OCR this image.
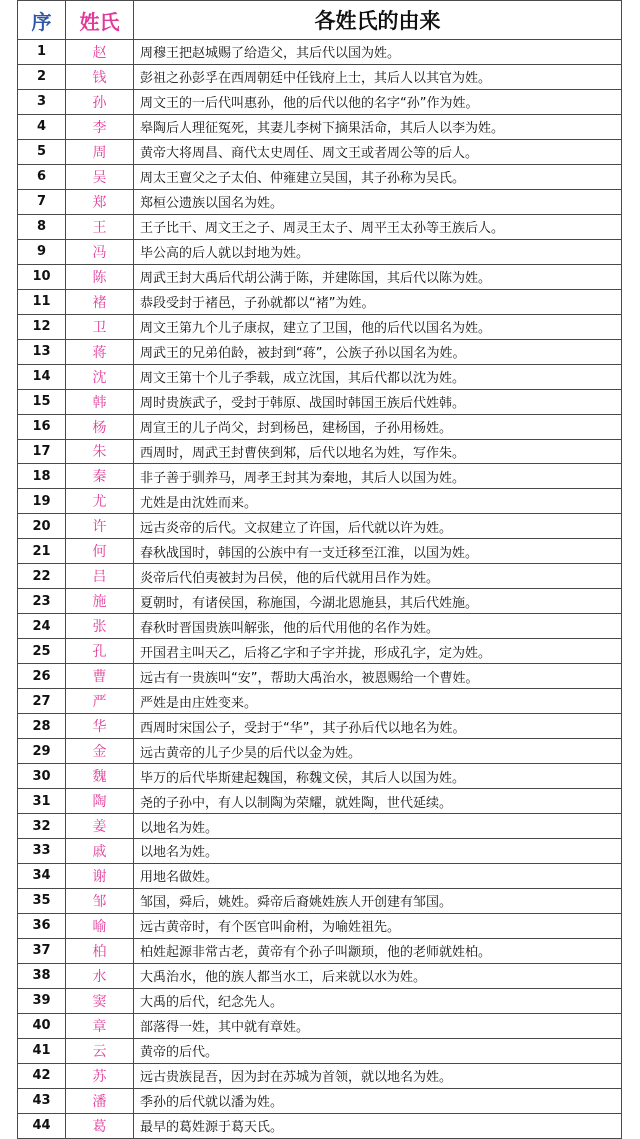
序	姓氏	各姓氏的由来
1	赵	周穆王把赵城赐了给造父，其后代以国为姓。
2	钱	彭祖之孙彭孚在西周朝廷中任钱府上士，其后人以其官为姓。
3	孙	周文王的一后代叫惠孙，他的后代以他的名字“孙”作为姓。
4	李	皋陶后人理征冤死，其妻儿李树下摘果活命，其后人以李为姓。
5	周	黄帝大将周昌、商代太史周任、周文王或者周公等的后人。
6	吴	周太王亶父之子太伯、仲雍建立吴国，其子孙称为吴氏。
7	郑	郑桓公遗族以国名为姓。
8	王	王子比干、周文王之子、周灵王太子、周平王太孙等王族后人。
9	冯	毕公高的后人就以封地为姓。
10	陈	周武王封大禹后代胡公满于陈，并建陈国，其后代以陈为姓。
11	褚	恭段受封于褚邑，子孙就都以“褚”为姓。
12	卫	周文王第九个儿子康叔，建立了卫国，他的后代以国名为姓。
13	蒋	周武王的兄弟伯龄，被封到“蒋”，公族子孙以国名为姓。
14	沈	周文王第十个儿子季载，成立沈国，其后代都以沈为姓。
15	韩	周时贵族武子，受封于韩原、战国时韩国王族后代姓韩。
16	杨	周宣王的儿子尚父，封到杨邑，建杨国，子孙用杨姓。
17	朱	西周时，周武王封曹侠到邾，后代以地名为姓，写作朱。
18	秦	非子善于驯养马，周孝王封其为秦地，其后人以国为姓。
19	尤	尤姓是由沈姓而来。
20	许	远古炎帝的后代。文叔建立了许国，后代就以许为姓。
21	何	春秋战国时，韩国的公族中有一支迁移至江淮，以国为姓。
22	吕	炎帝后代伯夷被封为吕侯，他的后代就用吕作为姓。
23	施	夏朝时，有诸侯国，称施国，今湖北恩施县，其后代姓施。
24	张	春秋时晋国贵族叫解张，他的后代用他的名作为姓。
25	孔	开国君主叫天乙，后将乙字和子字并拢，形成孔字，定为姓。
26	曹	远古有一贵族叫“安”，帮助大禹治水，被恩赐给一个曹姓。
27	严	严姓是由庄姓变来。
28	华	西周时宋国公子，受封于“华”，其子孙后代以地名为姓。
29	金	远古黄帝的儿子少昊的后代以金为姓。
30	魏	毕万的后代毕斯建起魏国，称魏文侯，其后人以国为姓。
31	陶	尧的子孙中，有人以制陶为荣耀，就姓陶，世代延续。
32	姜	以地名为姓。
33	戚	以地名为姓。
34	谢	用地名做姓。
35	邹	邹国，舜后，姚姓。舜帝后裔姚姓族人开创建有邹国。
36	喻	远古黄帝时，有个医官叫俞柎，为喻姓祖先。
37	柏	柏姓起源非常古老，黄帝有个孙子叫颛顼，他的老师就姓柏。
38	水	大禹治水，他的族人都当水工，后来就以水为姓。
39	窦	大禹的后代，纪念先人。
40	章	部落得一姓，其中就有章姓。
41	云	黄帝的后代。
42	苏	远古贵族昆吾，因为封在苏城为首领，就以地名为姓。
43	潘	季孙的后代就以潘为姓。
44	葛	最早的葛姓源于葛天氏。
